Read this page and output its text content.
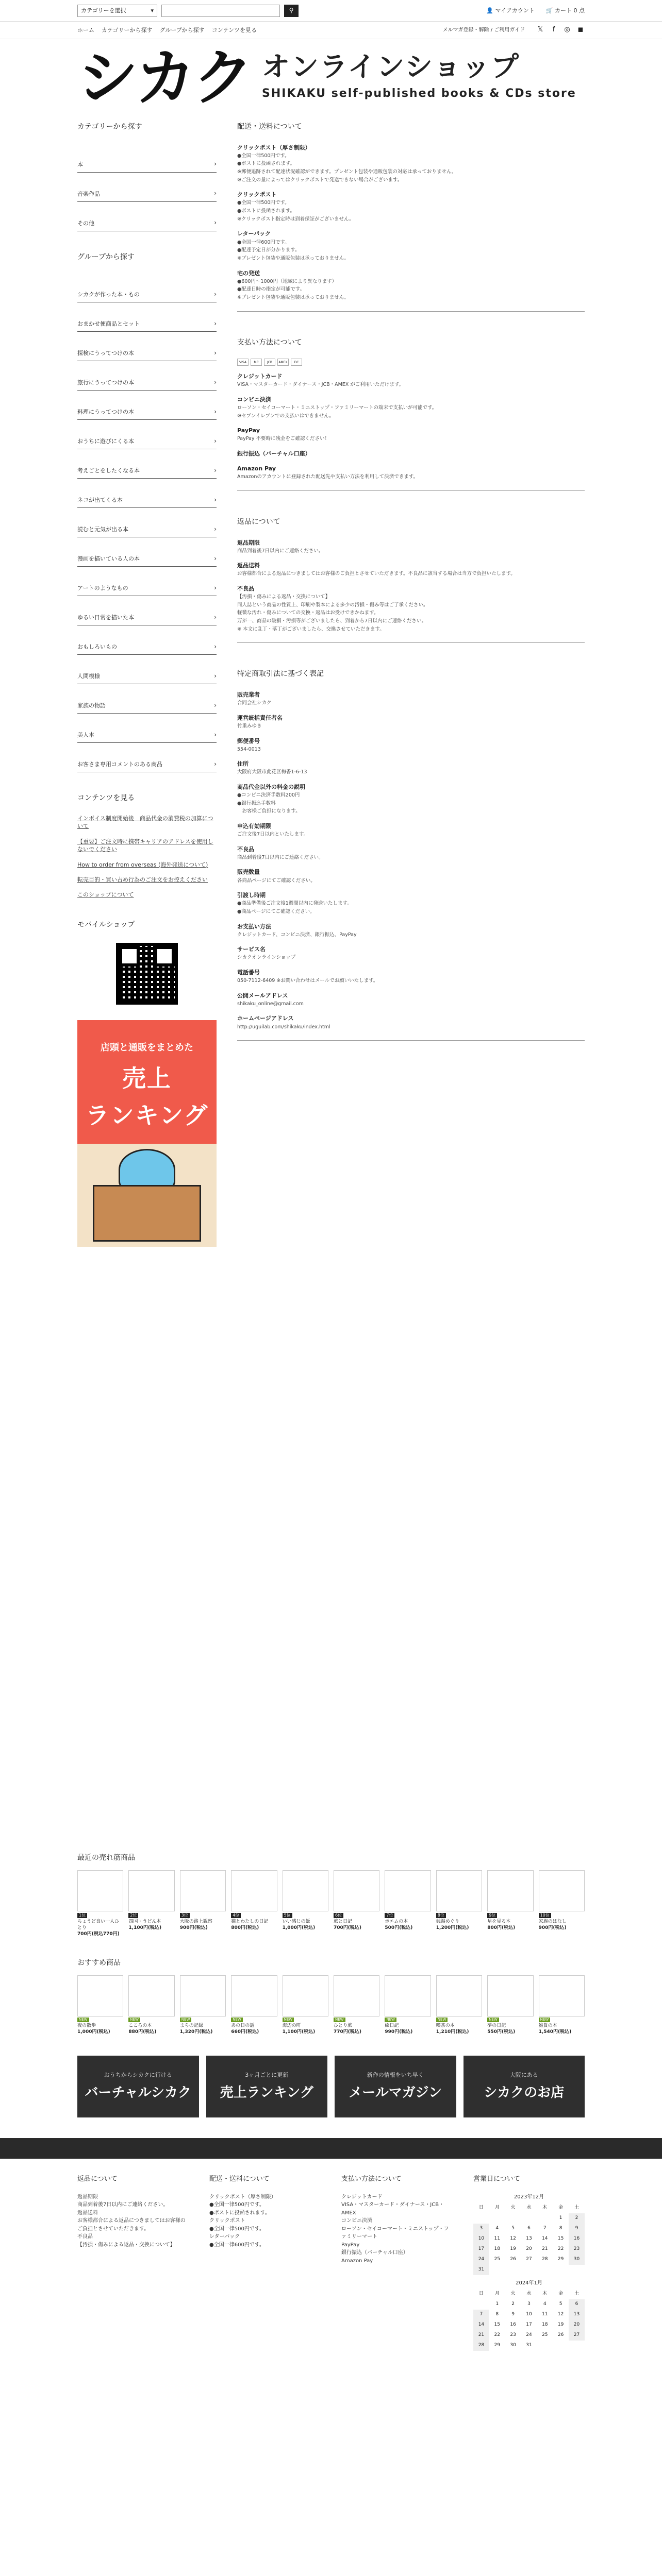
カテゴリーを選択	▾	⚲	👤 マイアカウント 🛒 カート 0 点
ホーム カテゴリーから探す グループから探す コンテンツを見る	メルマガ登録・解除 / ご利用ガイド 𝕏	f	◎ ◼
シカク オンラインショップ
SHIKAKU self-published books & CDs store
カテゴリーから探す
本	›
音楽作品	›
その他	›
グループから探す
シカクが作った本・もの	›
おまかせ便商品とセット	›
探検にうってつけの本	›
旅行にうってつけの本	›
料理にうってつけの本	›
おうちに遊びにくる本	›
考えごとをしたくなる本	›
ネコが出てくる本	›
読むと元気が出る本	›
漫画を描いている人の本	›
アートのようなもの	›
ゆるい日常を描いた本	›
おもしろいもの	›
人間模様	›
家族の物語	›
美人本	›
お客さま専用コメントのある商品	›
コンテンツを見る
インボイス制度開始後　商品代金の消費税の加算について
【重要】ご注文時に携帯キャリアのアドレスを使用しないでください
How to order from overseas (海外発送について)
転売目的・買い占め行為のご注文をお控えください
このショップについて
モバイルショップ
店頭と通販をまとめた
売上
ランキング
配送・送料について
クリックポスト（厚さ制限）

●全国一律500円です。

●ポストに投函されます。

※郵便追跡されて配達状況確認ができます。プレゼント包装や通販包装の対応は承っておりません。

※ご注文の量によってはクリックポストで発送できない場合がございます。

クリックポスト

●全国一律500円です。

●ポストに投函されます。

※クリックポスト指定時は到着保証がございません。

レターパック

●全国一律600円です。

●配達予定日が分かります。

※プレゼント包装や通販包装は承っておりません。

宅の発送

●600円～1000円（地域により異なります）

●配達日時の指定が可能です。

※プレゼント包装や通販包装は承っておりません。

支払い方法について
VISA	MC	JCB	AMEX	DC
クレジットカード

VISA・マスターカード・ダイナース・JCB・AMEX がご利用いただけます。

コンビニ決済

ローソン・セイコーマート・ミニストップ・ファミリーマートの端末で支払いが可能です。

※セブンイレブンでの支払いはできません。

PayPay

PayPay 不要時に残金をご確認ください！

銀行振込（バーチャル口座）
Amazon Pay

Amazonのアカウントに登録された配送先や支払い方法を利用して決済できます。

返品について
返品期限

商品到着後7日以内にご連絡ください。

返品送料

お客様都合による返品につきましてはお客様のご負担とさせていただきます。不良品に該当する場合は当方で負担いたします。

不良品

【汚損・傷みによる返品・交換について】

同人誌という商品の性質上、印刷や製本による多少の汚損・傷み等はご了承ください。

軽微な汚れ・傷みについての交換・返品はお受けできかねます。

万が一、商品の破損・汚損等がございましたら、到着から7日以内にご連絡ください。

※ 本文に乱丁・落丁がございましたら、交換させていただきます。

特定商取引法に基づく表記
販売業者

合同会社シカク

運営統括責任者名

竹重みゆき

郵便番号

554-0013

住所

大阪府大阪市此花区梅香1-6-13

商品代金以外の料金の説明

●コンビニ決済手数料200円

●銀行振込手数料

　お客様ご負担になります。

申込有効期限

ご注文後7日以内といたします。

不良品

商品到着後7日以内にご連絡ください。

販売数量

各商品ページにてご確認ください。

引渡し時期

●商品準備後ご注文後1週間以内に発送いたします。

●商品ページにてご確認ください。

お支払い方法

クレジットカード、コンビニ決済、銀行振込、PayPay

サービス名

シカクオンラインショップ

電話番号

050-7112-6409 ※お問い合わせはメールでお願いいたします。

公開メールアドレス

shikaku_online@gmail.com

ホームページアドレス

http://uguilab.com/shikaku/index.html

最近の売れ筋商品
1位
ちょうど良い一人ひとり
700円(税込770円)
2位
四国・うどん本
1,100円(税込)
3位
大阪の路上観察
900円(税込)
4位
猫とわたしの日記
800円(税込)
5位
いい感じの飯
1,000円(税込)
6位
旅と日記
700円(税込)
7位
ポエムの本
500円(税込)
8位
銭湯めぐり
1,200円(税込)
9位
星を見る本
800円(税込)
10位
家族のはなし
900円(税込)
おすすめ商品
NEW
夜の散歩
1,000円(税込)
NEW
こころの本
880円(税込)
NEW
まちの記録
1,320円(税込)
NEW
あの日の話
660円(税込)
NEW
海辺の町
1,100円(税込)
NEW
ひとり旅
770円(税込)
NEW
絵日記
990円(税込)
NEW
喫茶の本
1,210円(税込)
NEW
夢の日記
550円(税込)
NEW
雑貨の本
1,540円(税込)
おうちからシカクに行ける
バーチャルシカク
3ヶ月ごとに更新
売上ランキング
新作の情報をいち早く
メールマガジン
大阪にある
シカクのお店
返品について

返品期限

商品到着後7日以内にご連絡ください。

返品送料

お客様都合による返品につきましてはお客様のご負担とさせていただきます。

不良品

【汚損・傷みによる返品・交換について】

配送・送料について

クリックポスト（厚さ制限）

●全国一律500円です。

●ポストに投函されます。

クリックポスト

●全国一律500円です。

レターパック

●全国一律600円です。

支払い方法について

クレジットカード

VISA・マスターカード・ダイナース・JCB・AMEX

コンビニ決済

ローソン・セイコーマート・ミニストップ・ファミリーマート

PayPay

銀行振込（バーチャル口座）

Amazon Pay

営業日について
2023年12月
日	月	火	水	木	金	土
					1	2
3	4	5	6	7	8	9
10	11	12	13	14	15	16
17	18	19	20	21	22	23
24	25	26	27	28	29	30
31						
2024年1月
日	月	火	水	木	金	土
	1	2	3	4	5	6
7	8	9	10	11	12	13
14	15	16	17	18	19	20
21	22	23	24	25	26	27
28	29	30	31			
